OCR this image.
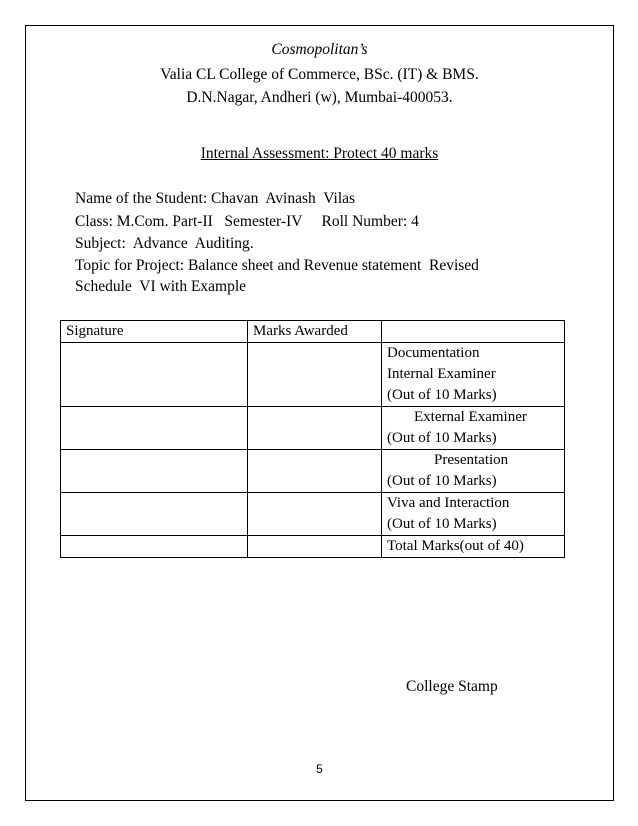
Cosmopolitan’s
Valia CL College of Commerce, BSc. (IT) & BMS.
D.N.Nagar, Andheri (w), Mumbai-400053.
Internal Assessment: Protect 40 marks
Name of the Student: Chavan  Avinash  Vilas
Class: M.Com. Part-II   Semester-IV     Roll Number: 4
Subject:  Advance  Auditing.
Topic for Project: Balance sheet and Revenue statement  Revised
Schedule  VI with Example
Signature	Marks Awarded	

		Documentation
Internal Examiner
(Out of 10 Marks)

		External Examiner
(Out of 10 Marks)

		Presentation
(Out of 10 Marks)

		Viva and Interaction
(Out of 10 Marks)

		Total Marks(out of 40)
College Stamp
5
